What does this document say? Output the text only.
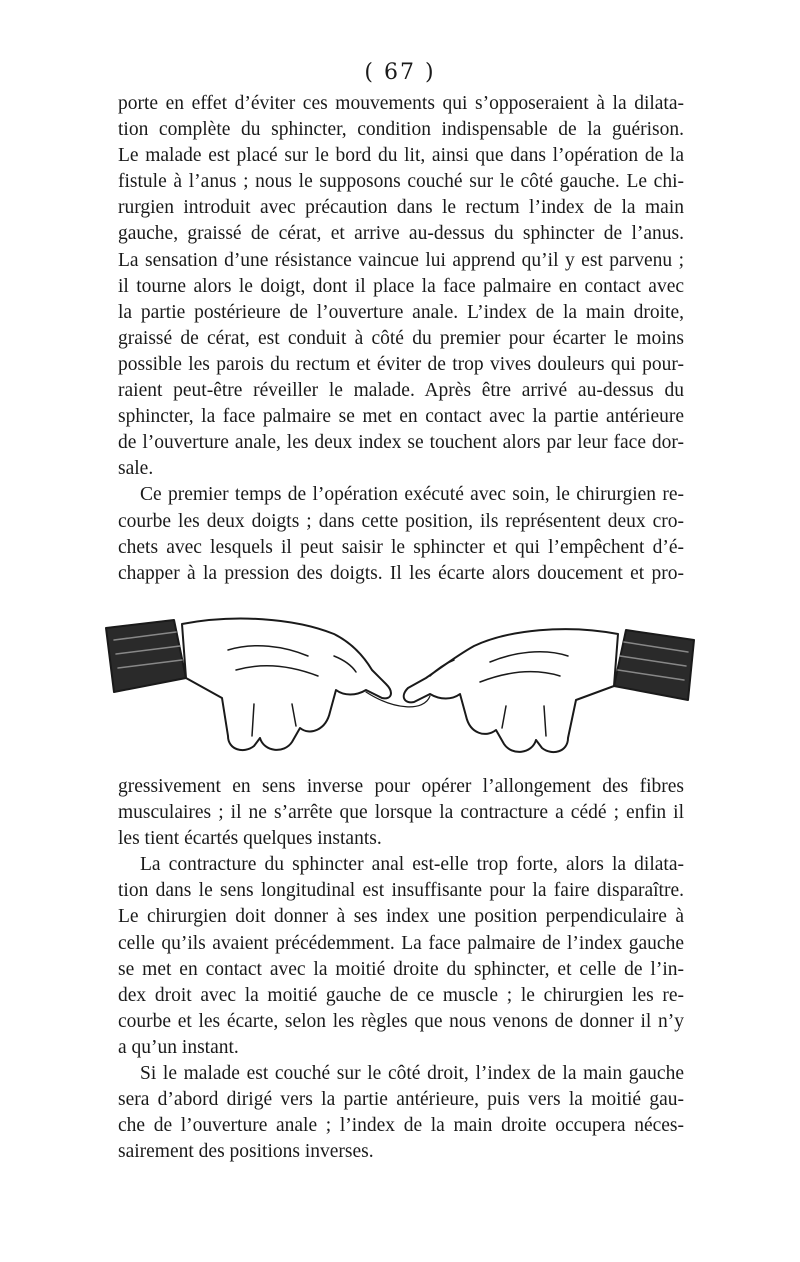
( 67 )
porte en effet d’éviter ces mouvements qui s’opposeraient à la dilata-
tion complète du sphincter, condition indispensable de la guérison.
Le malade est placé sur le bord du lit, ainsi que dans l’opération de la
fistule à l’anus ; nous le supposons couché sur le côté gauche. Le chi-
rurgien introduit avec précaution dans le rectum l’index de la main
gauche, graissé de cérat, et arrive au-dessus du sphincter de l’anus.
La sensation d’une résistance vaincue lui apprend qu’il y est parvenu ;
il tourne alors le doigt, dont il place la face palmaire en contact avec
la partie postérieure de l’ouverture anale. L’index de la main droite,
graissé de cérat, est conduit à côté du premier pour écarter le moins
possible les parois du rectum et éviter de trop vives douleurs qui pour-
raient peut-être réveiller le malade. Après être arrivé au-dessus du
sphincter, la face palmaire se met en contact avec la partie antérieure
de l’ouverture anale, les deux index se touchent alors par leur face dor-
sale.
Ce premier temps de l’opération exécuté avec soin, le chirurgien re-
courbe les deux doigts ; dans cette position, ils représentent deux cro-
chets avec lesquels il peut saisir le sphincter et qui l’empêchent d’é-
chapper à la pression des doigts. Il les écarte alors doucement et pro-
gressivement en sens inverse pour opérer l’allongement des fibres
musculaires ; il ne s’arrête que lorsque la contracture a cédé ; enfin il
les tient écartés quelques instants.
La contracture du sphincter anal est-elle trop forte, alors la dilata-
tion dans le sens longitudinal est insuffisante pour la faire disparaître.
Le chirurgien doit donner à ses index une position perpendiculaire à
celle qu’ils avaient précédemment. La face palmaire de l’index gauche
se met en contact avec la moitié droite du sphincter, et celle de l’in-
dex droit avec la moitié gauche de ce muscle ; le chirurgien les re-
courbe et les écarte, selon les règles que nous venons de donner il n’y
a qu’un instant.
Si le malade est couché sur le côté droit, l’index de la main gauche
sera d’abord dirigé vers la partie antérieure, puis vers la moitié gau-
che de l’ouverture anale ; l’index de la main droite occupera néces-
sairement des positions inverses.
